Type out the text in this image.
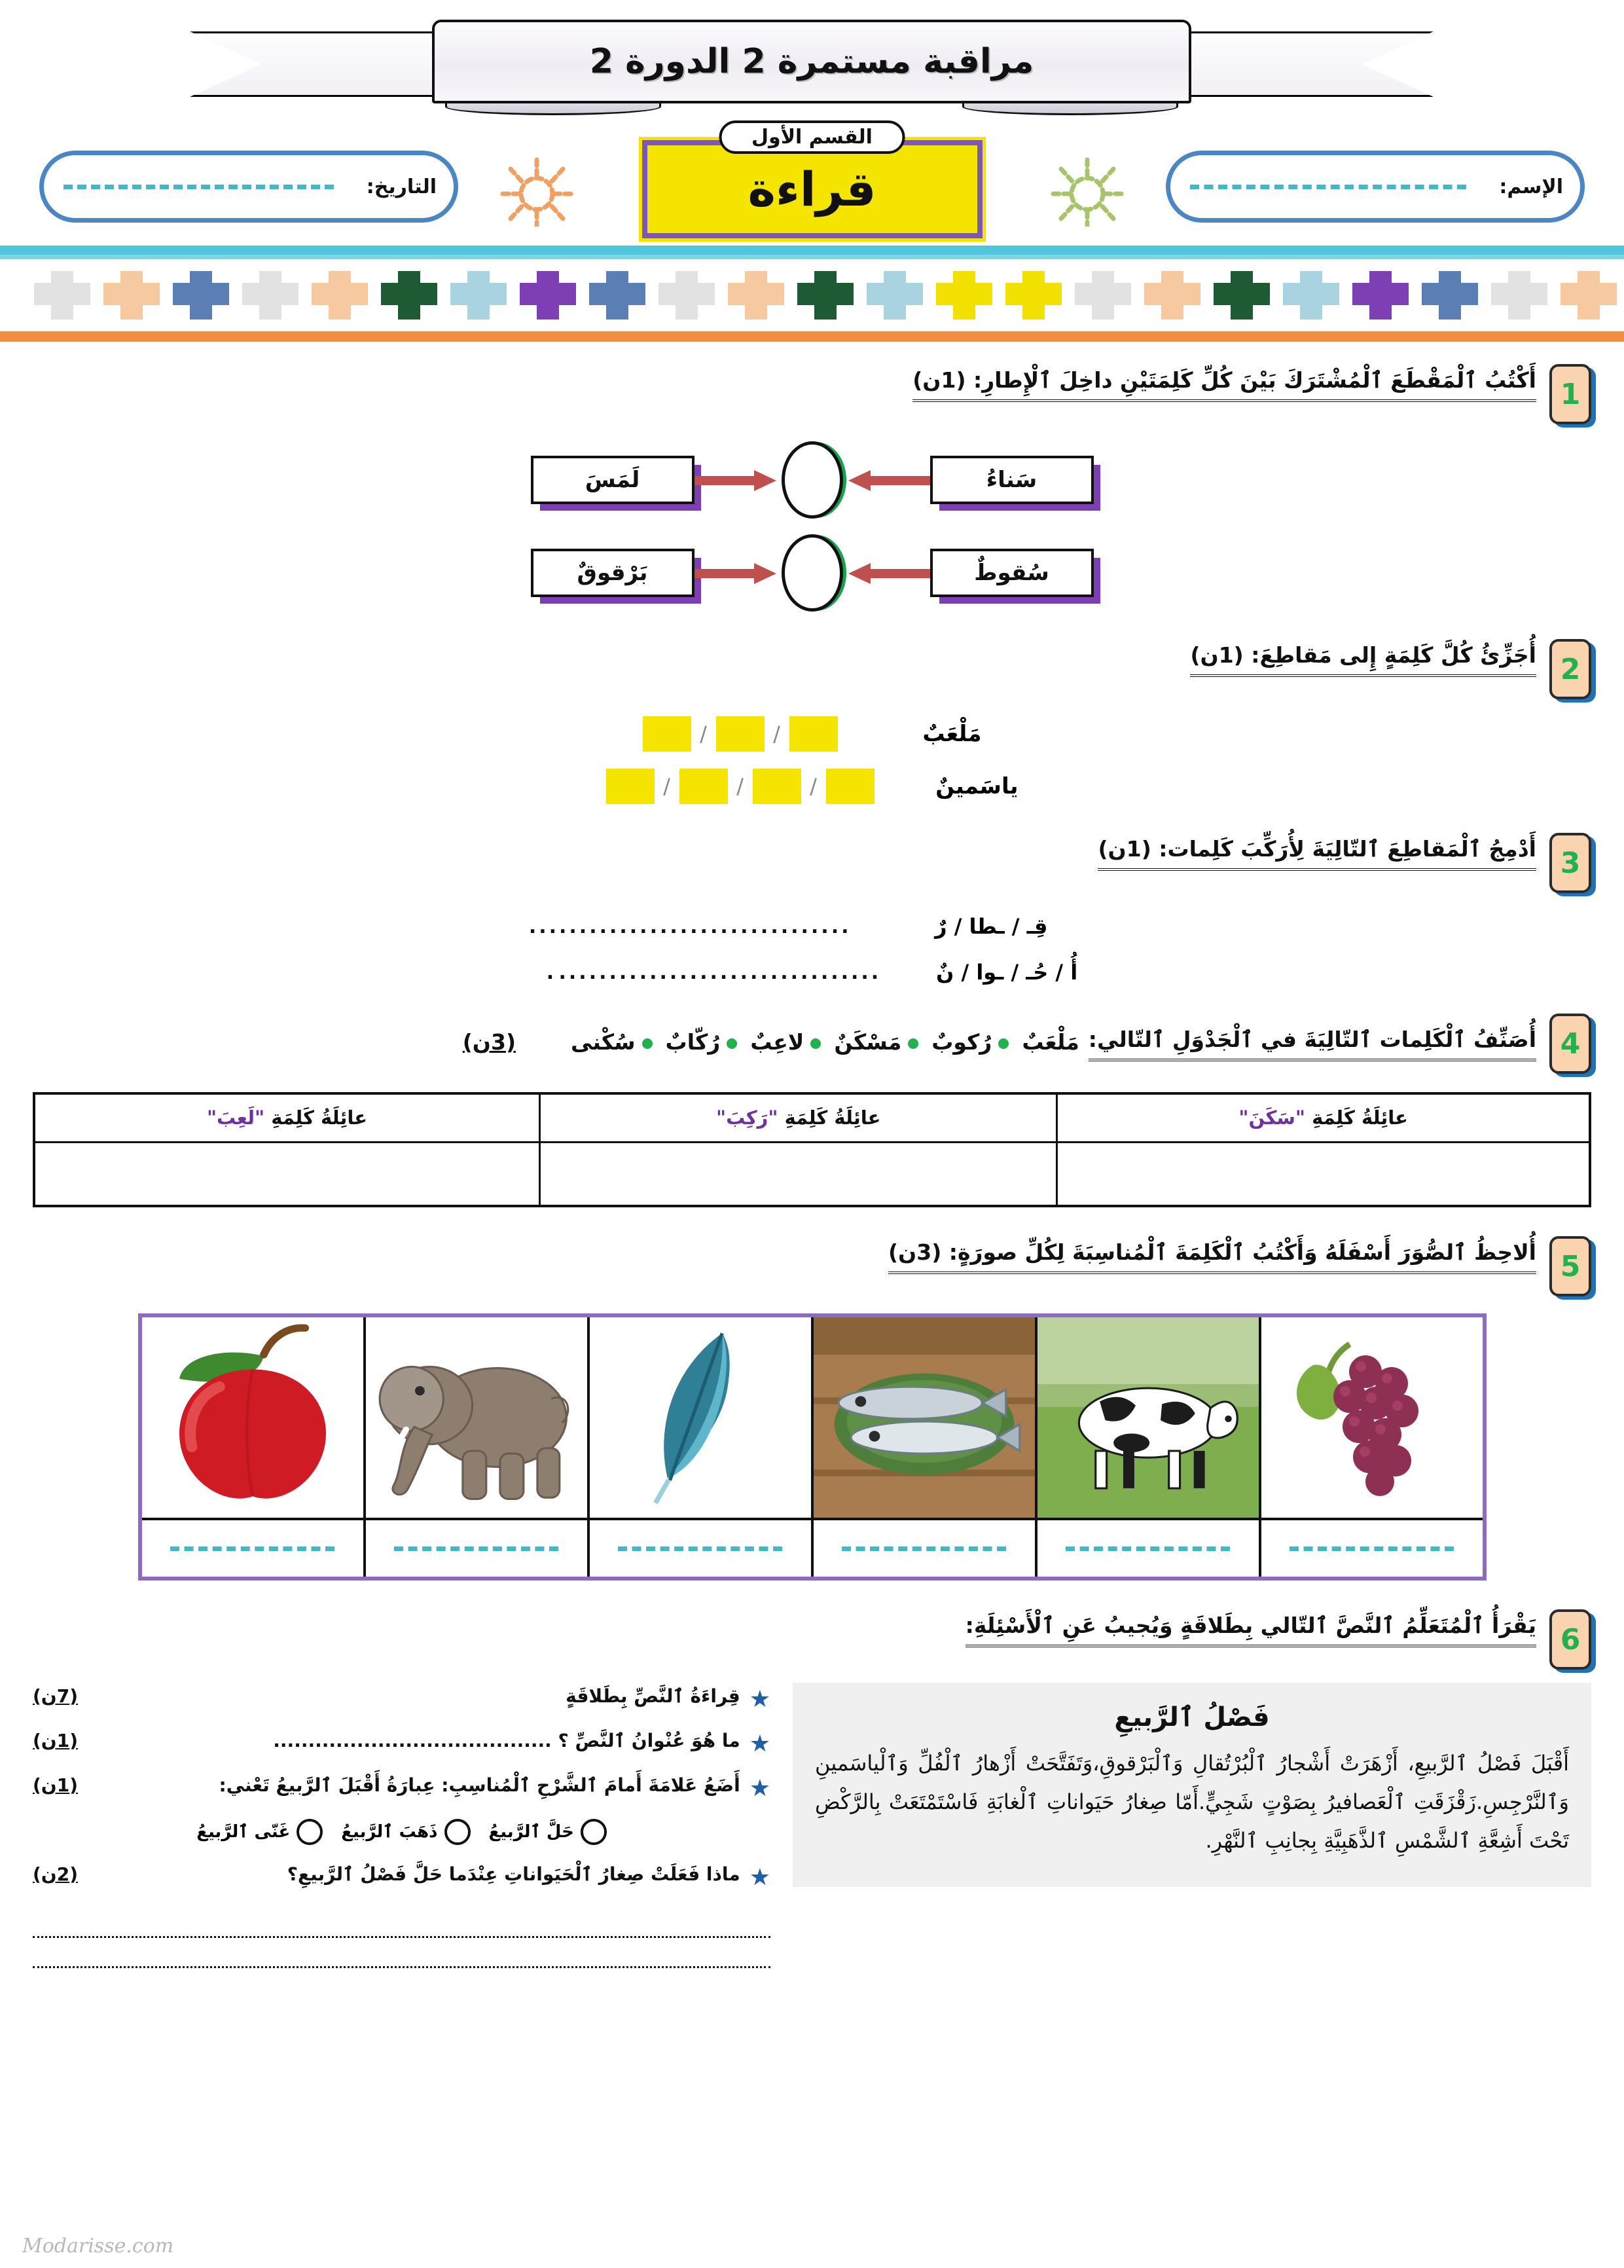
مراقبة مستمرة 2 الدورة 2
الإسم:
القسم الأول
قراءة
التاريخ:
1
أَكْتُبُ ٱلْمَقْطَعَ ٱلْمُشْتَرَكَ بَيْنَ كُلِّ كَلِمَتَيْنِ داخِلَ ٱلْإِطارِ: (1ن)
سَناءُ
لَمَسَ
سُقوطٌ
بَرْقوقٌ
2
أُجَزِّئُ كُلَّ كَلِمَةٍ إِلى مَقاطِعَ: (1ن)
مَلْعَبٌ
/
/
ياسَمينٌ
/
/
/
3
أَدْمِجُ ٱلْمَقاطِعَ ٱلتّالِيَةَ لِأُرَكِّبَ كَلِمات: (1ن)
قِـ / ـطا / رٌ
................................
أُ / حُـ / ـوا / نٌ
................................
.
4
أُصَنِّفُ ٱلْكَلِمات ٱلتّالِيَةَ في ٱلْجَدْوَلِ ٱلتّالي:
مَلْعَبٌرُكوبٌمَسْكَنٌلاعِبٌرُكّابٌسُكْنى
(3ن)
عائِلَةُ كَلِمَةِ "سَكَنَ"	عائِلَةُ كَلِمَةِ "رَكِبَ"	عائِلَةُ كَلِمَةِ "لَعِبَ"

5
أُلاحِظُ ٱلصُّوَرَ أَسْفَلَهُ وَأَكْتُبُ ٱلْكَلِمَةَ ٱلْمُناسِبَةَ لِكُلِّ صورَةٍ: (3ن)
6
يَقْرَأُ ٱلْمُتَعَلِّمُ ٱلنَّصَّ ٱلتّالي بِطَلاقَةٍ وَيُجيبُ عَنِ ٱلْأَسْئِلَةِ:
فَصْلُ ٱلرَّبيعِ
أَقْبَلَ فَصْلُ ٱلرَّبيعِ، أَزْهَرَتْ أَشْجارُ ٱلْبُرْتُقالِ وَٱلْبَرْقوقِ،وَتَفَتَّحَتْ أَزْهارُ ٱلْفُلِّ وَٱلْياسَمينِ وَٱلنَّرْجِسِ.زَقْزَقَتِ ٱلْعَصافيرُ بِصَوْتٍ شَجِيٍّ.أَمّا صِغارُ حَيَواناتِ ٱلْغابَةِ فَاسْتَمْتَعَتْ بِالرَّكْضِ تَحْتَ أَشِعَّةِ ٱلشَّمْسِ ٱلذَّهَبِيَّةِ بِجانِبِ ٱلنَّهْرِ.
★
قِراءَةُ ٱلنَّصِّ بِطَلاقَةٍ
(7ن)
★
ما هُوَ عُنْوانُ ٱلنَّصِّ ؟ ........................................
(1ن)
★
أَضَعُ عَلامَةَ أَمامَ ٱلشَّرْحِ ٱلْمُناسِبِ: عِبارَةُ أَقْبَلَ ٱلرَّبيعُ تَعْني:
(1ن)
حَلَّ ٱلرَّبيعُ
ذَهَبَ ٱلرَّبيعُ
غَنّى ٱلرَّبيعُ
★
ماذا فَعَلَتْ صِغارُ ٱلْحَيَواناتِ عِنْدَما حَلَّ فَصْلُ ٱلرَّبيعِ؟
(2ن)
Modarisse.com
